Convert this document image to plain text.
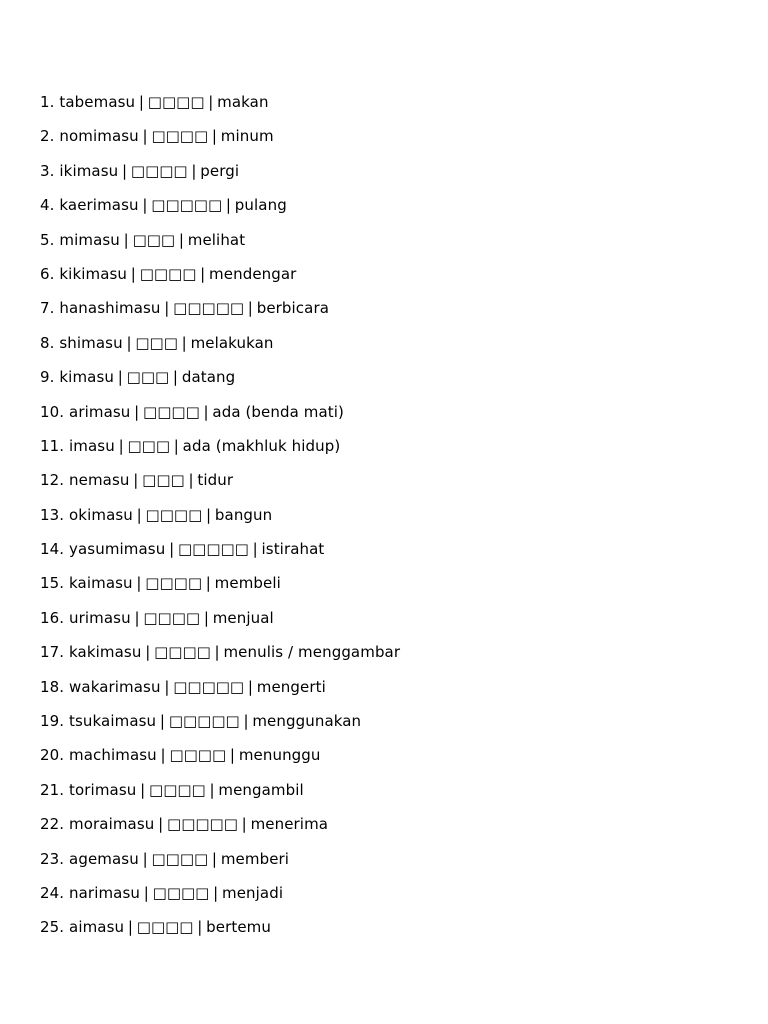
1. tabemasu | □□□□ | makan
2. nomimasu | □□□□ | minum
3. ikimasu | □□□□ | pergi
4. kaerimasu | □□□□□ | pulang
5. mimasu | □□□ | melihat
6. kikimasu | □□□□ | mendengar
7. hanashimasu | □□□□□ | berbicara
8. shimasu | □□□ | melakukan
9. kimasu | □□□ | datang
10. arimasu | □□□□ | ada (benda mati)
11. imasu | □□□ | ada (makhluk hidup)
12. nemasu | □□□ | tidur
13. okimasu | □□□□ | bangun
14. yasumimasu | □□□□□ | istirahat
15. kaimasu | □□□□ | membeli
16. urimasu | □□□□ | menjual
17. kakimasu | □□□□ | menulis / menggambar
18. wakarimasu | □□□□□ | mengerti
19. tsukaimasu | □□□□□ | menggunakan
20. machimasu | □□□□ | menunggu
21. torimasu | □□□□ | mengambil
22. moraimasu | □□□□□ | menerima
23. agemasu | □□□□ | memberi
24. narimasu | □□□□ | menjadi
25. aimasu | □□□□ | bertemu
